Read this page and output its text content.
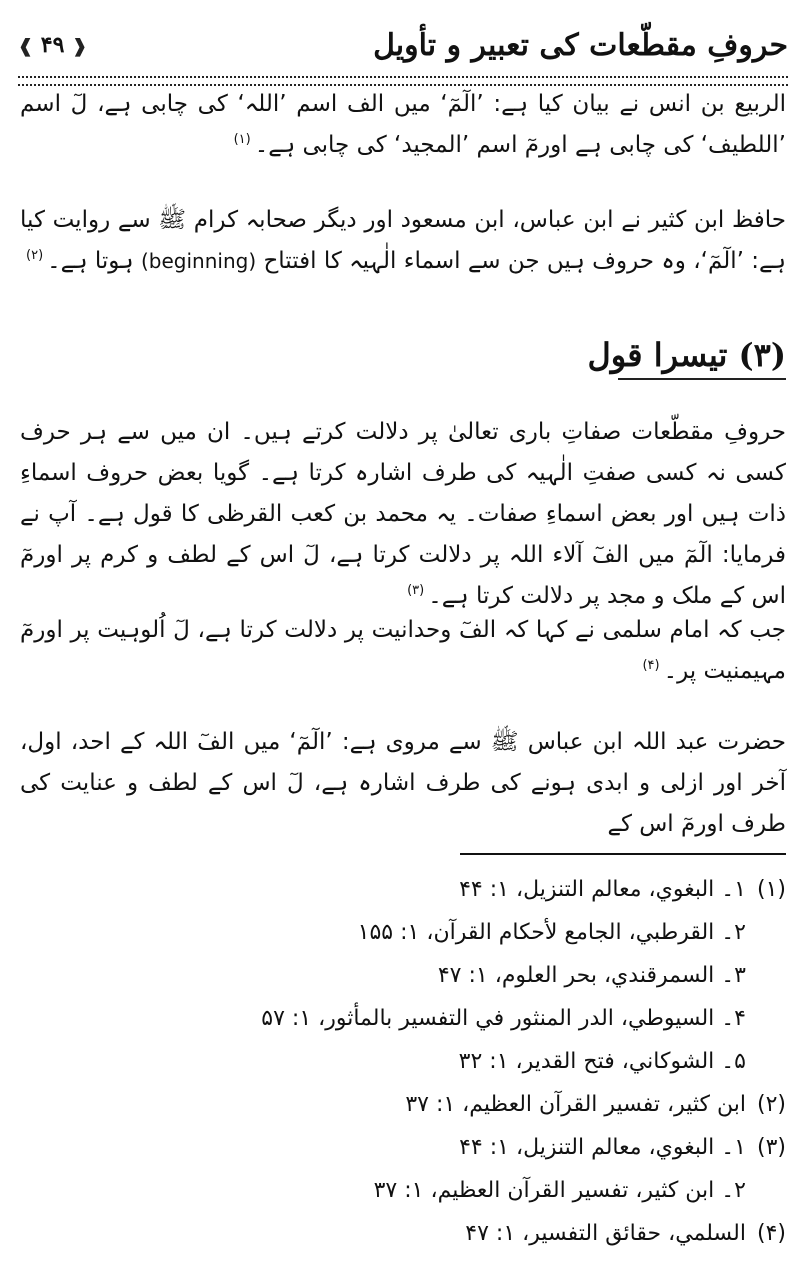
حروفِ مقطّعات کی تعبیر و تأویل
❰ ۴۹ ❱

الربیع بن انس نے بیان کیا ہے: ’الٓمٓ‘ میں الف اسم ’اللہ‘ کی چابی ہے، لٓ اسم ’اللطیف‘ کی چابی ہے اورمٓ اسم ’المجید‘ کی چابی ہے۔$^{(۱)}$

حافظ ابن کثیر نے ابن عباس، ابن مسعود اور دیگر صحابہ کرام ﷺ سے روایت کیا ہے: ’الٓمٓ‘، وہ حروف ہیں جن سے اسماء الٰہیہ کا افتتاح (beginning) ہوتا ہے۔$^{(۲)}$

(۳) تیسرا قول

حروفِ مقطّعات صفاتِ باری تعالیٰ پر دلالت کرتے ہیں۔ ان میں سے ہر حرف کسی نہ کسی صفتِ الٰہیہ کی طرف اشارہ کرتا ہے۔ گویا بعض حروف اسماءِ ذات ہیں اور بعض اسماءِ صفات۔ یہ محمد بن کعب القرظی کا قول ہے۔ آپ نے فرمایا: الٓمٓ میں الفٓ آلاء اللہ پر دلالت کرتا ہے، لٓ اس کے لطف و کرم پر اورمٓ اس کے ملک و مجد پر دلالت کرتا ہے۔$^{(۳)}$

جب کہ امام سلمی نے کہا کہ الفٓ وحدانیت پر دلالت کرتا ہے، لٓ اُلوہیت پر اورمٓ مہیمنیت پر۔$^{(۴)}$

حضرت عبد اللہ ابن عباس ﷺ سے مروی ہے: ’الٓمٓ‘ میں الفٓ اللہ کے احد، اول، آخر اور ازلی و ابدی ہونے کی طرف اشارہ ہے، لٓ اس کے لطف و عنایت کی طرف اورمٓ اس کے

(۱)۱۔ البغوي، معالم التنزيل، ۱: ۴۴
۲۔ القرطبي، الجامع لأحكام القرآن، ۱: ۱۵۵
۳۔ السمرقندي، بحر العلوم، ۱: ۴۷
۴۔ السيوطي، الدر المنثور في التفسير بالمأثور، ۱: ۵۷
۵۔ الشوكاني، فتح القدير، ۱: ۳۲
(۲)ابن كثير، تفسير القرآن العظيم، ۱: ۳۷
(۳)۱۔ البغوي، معالم التنزيل، ۱: ۴۴
۲۔ ابن كثير، تفسير القرآن العظيم، ۱: ۳۷
(۴)السلمي، حقائق التفسير، ۱: ۴۷
